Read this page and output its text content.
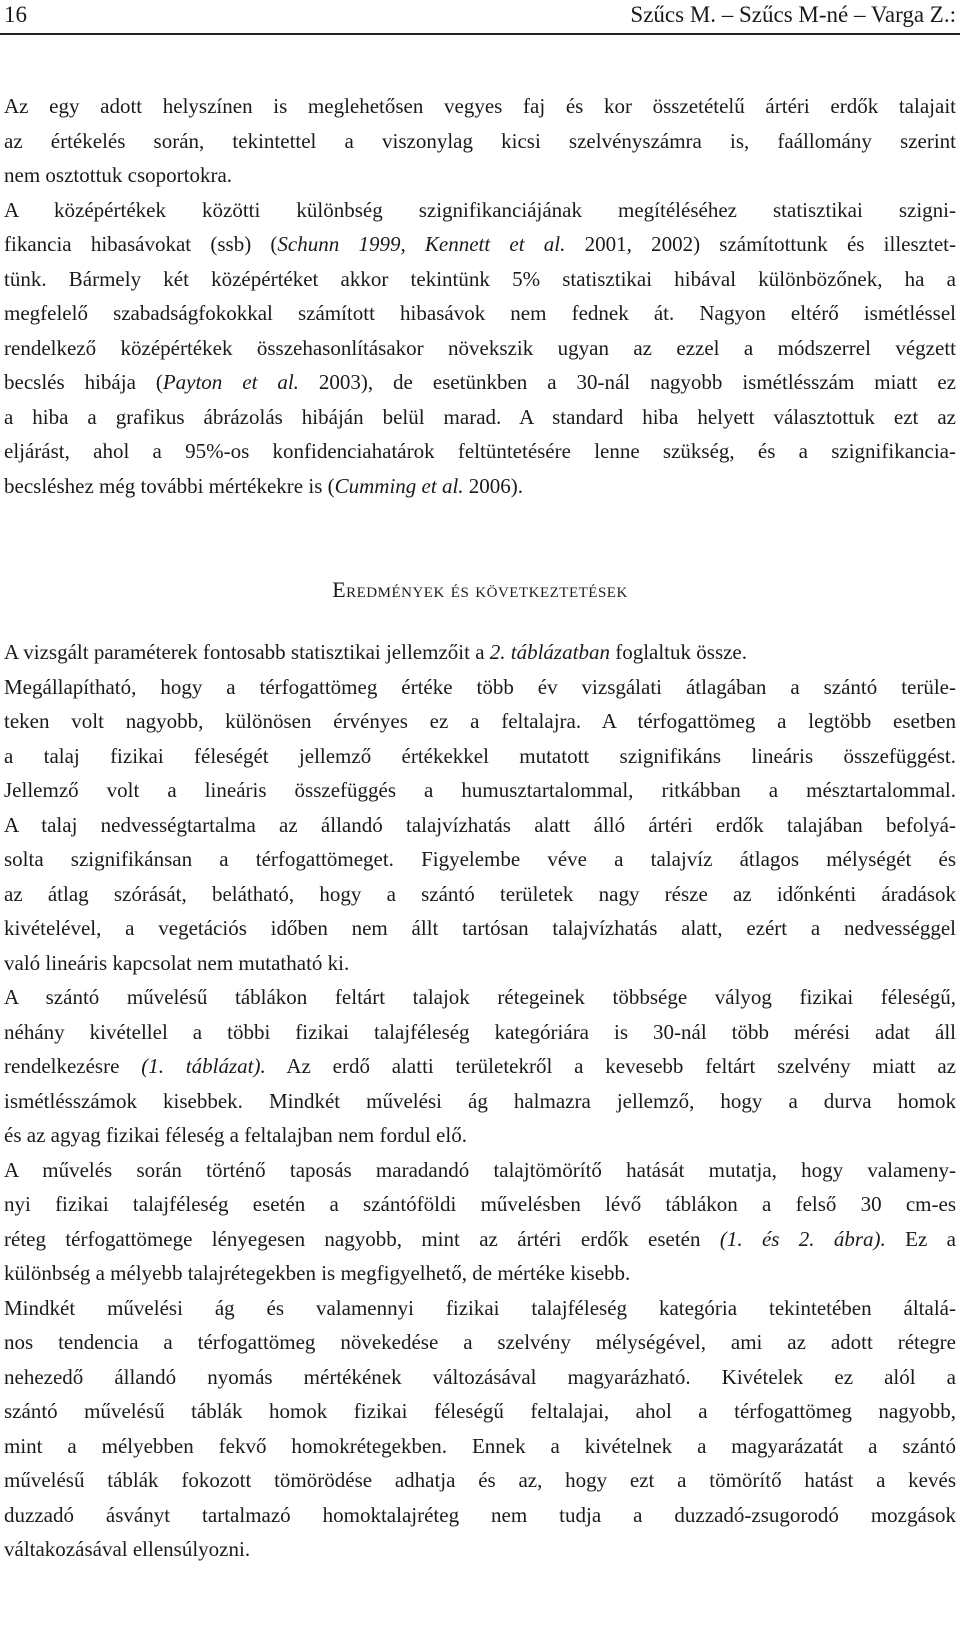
16	Szűcs M. – Szűcs M-né – Varga Z.:
Az egy adott helyszínen is meglehetősen vegyes faj és kor összetételű ártéri erdők talajait
az értékelés során, tekintettel a viszonylag kicsi szelvényszámra is, faállomány szerint
nem osztottuk csoportokra.
A középértékek közötti különbség szignifikanciájának megítéléséhez statisztikai szigni-
fikancia hibasávokat (ssb) (Schunn 1999, Kennett et al. 2001, 2002) számítottunk és illesztet-
tünk. Bármely két középértéket akkor tekintünk 5% statisztikai hibával különbözőnek, ha a
megfelelő szabadságfokokkal számított hibasávok nem fednek át. Nagyon eltérő ismétléssel
rendelkező középértékek összehasonlításakor növekszik ugyan az ezzel a módszerrel végzett
becslés hibája (Payton et al. 2003), de esetünkben a 30-nál nagyobb ismétlésszám miatt ez
a hiba a grafikus ábrázolás hibáján belül marad. A standard hiba helyett választottuk ezt az
eljárást, ahol a 95%-os konfidenciahatárok feltüntetésére lenne szükség, és a szignifikancia-
becsléshez még további mértékekre is (Cumming et al. 2006).
Eredmények és következtetések
A vizsgált paraméterek fontosabb statisztikai jellemzőit a 2. táblázatban foglaltuk össze.
Megállapítható, hogy a térfogattömeg értéke több év vizsgálati átlagában a szántó terüle-
teken volt nagyobb, különösen érvényes ez a feltalajra. A térfogattömeg a legtöbb esetben
a talaj fizikai féleségét jellemző értékekkel mutatott szignifikáns lineáris összefüggést.
Jellemző volt a lineáris összefüggés a humusztartalommal, ritkábban a mésztartalommal.
A talaj nedvességtartalma az állandó talajvízhatás alatt álló ártéri erdők talajában befolyá-
solta szignifikánsan a térfogattömeget. Figyelembe véve a talajvíz átlagos mélységét és
az átlag szórását, belátható, hogy a szántó területek nagy része az időnkénti áradások
kivételével, a vegetációs időben nem állt tartósan talajvízhatás alatt, ezért a nedvességgel
való lineáris kapcsolat nem mutatható ki.
A szántó művelésű táblákon feltárt talajok rétegeinek többsége vályog fizikai féleségű,
néhány kivétellel a többi fizikai talajféleség kategóriára is 30-nál több mérési adat áll
rendelkezésre (1. táblázat). Az erdő alatti területekről a kevesebb feltárt szelvény miatt az
ismétlésszámok kisebbek. Mindkét művelési ág halmazra jellemző, hogy a durva homok
és az agyag fizikai féleség a feltalajban nem fordul elő.
A művelés során történő taposás maradandó talajtömörítő hatását mutatja, hogy valameny-
nyi fizikai talajféleség esetén a szántóföldi művelésben lévő táblákon a felső 30 cm-es
réteg térfogattömege lényegesen nagyobb, mint az ártéri erdők esetén (1. és 2. ábra). Ez a
különbség a mélyebb talajrétegekben is megfigyelhető, de mértéke kisebb.
Mindkét művelési ág és valamennyi fizikai talajféleség kategória tekintetében általá-
nos tendencia a térfogattömeg növekedése a szelvény mélységével, ami az adott rétegre
nehezedő állandó nyomás mértékének változásával magyarázható. Kivételek ez alól a
szántó művelésű táblák homok fizikai féleségű feltalajai, ahol a térfogattömeg nagyobb,
mint a mélyebben fekvő homokrétegekben. Ennek a kivételnek a magyarázatát a szántó
művelésű táblák fokozott tömörödése adhatja és az, hogy ezt a tömörítő hatást a kevés
duzzadó ásványt tartalmazó homoktalajréteg nem tudja a duzzadó-zsugorodó mozgások
váltakozásával ellensúlyozni.
